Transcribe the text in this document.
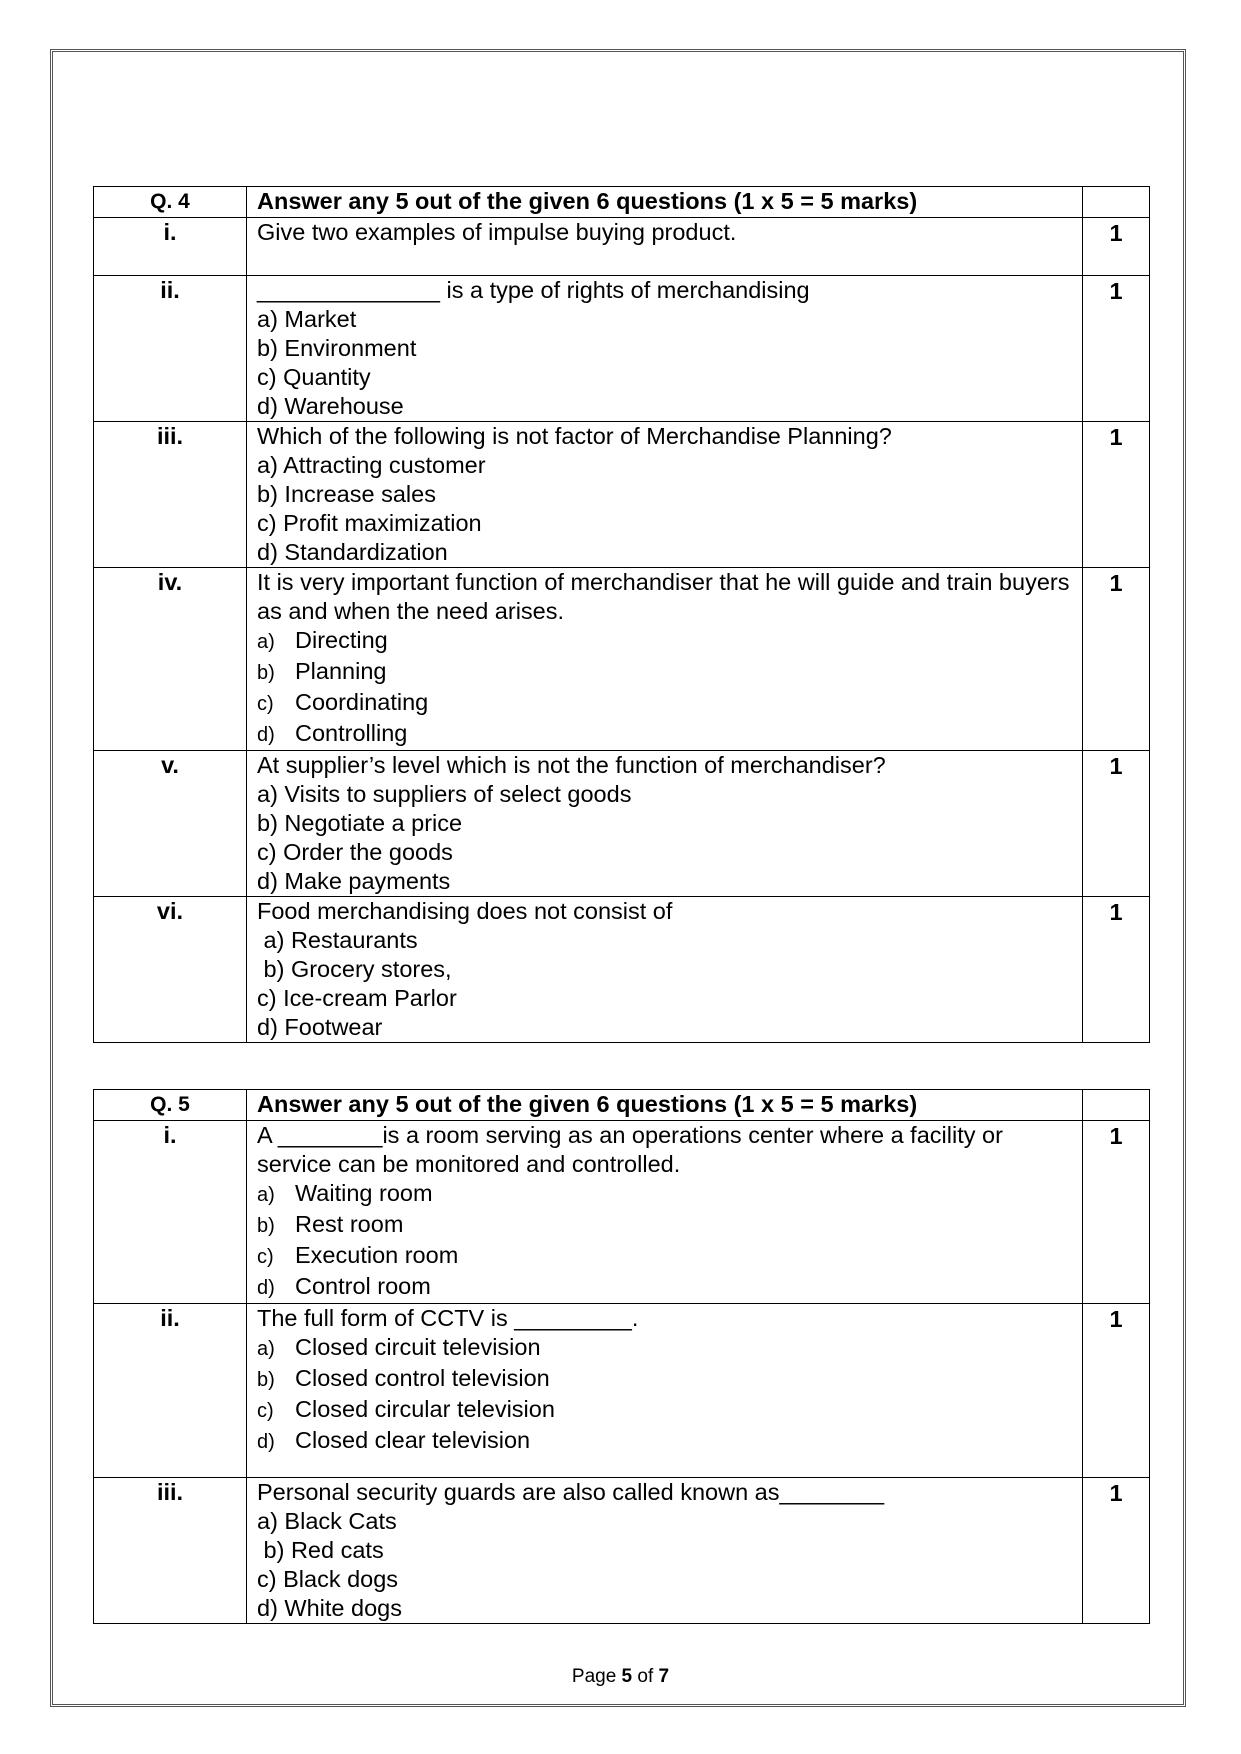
Q. 4	Answer any 5 out of the given 6 questions (1 x 5 = 5 marks)	
i.	Give two examples of impulse buying product.	1
ii.	______________ is a type of rights of merchandising
a) Market
b) Environment
c) Quantity
d) Warehouse	1
iii.	Which of the following is not factor of Merchandise Planning?
a) Attracting customer
b) Increase sales
c) Profit maximization
d) Standardization	1
iv.	It is very important function of merchandiser that he will guide and train buyers as and when the need arises.
a) Directing
b) Planning
c) Coordinating
d) Controlling	1
v.	At supplier’s level which is not the function of merchandiser?
a) Visits to suppliers of select goods
b) Negotiate a price
c) Order the goods
d) Make payments	1
vi.	Food merchandising does not consist of
a) Restaurants
b) Grocery stores,
c) Ice-cream Parlor
d) Footwear	1
Q. 5	Answer any 5 out of the given 6 questions (1 x 5 = 5 marks)	
i.	A ________is a room serving as an operations center where a facility or service can be monitored and controlled.
a) Waiting room
b) Rest room
c) Execution room
d) Control room	1
ii.	The full form of CCTV is _________.
a) Closed circuit television
b) Closed control television
c) Closed circular television
d) Closed clear television	1
iii.	Personal security guards are also called known as________
a) Black Cats
b) Red cats
c) Black dogs
d) White dogs	1
Page 5 of 7
